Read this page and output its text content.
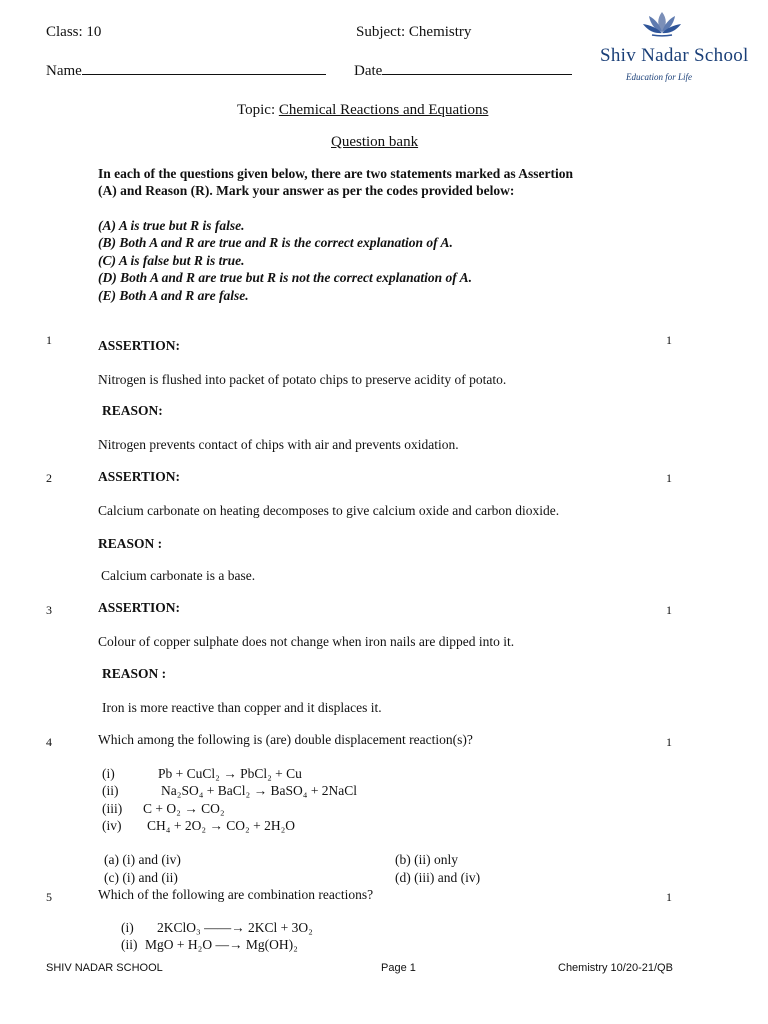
Class: 10	Subject: Chemistry
Name	Date
Shiv Nadar School
Education for Life
Topic: Chemical Reactions and Equations
Question bank
In each of the questions given below, there are two statements marked as Assertion
(A) and Reason (R). Mark your answer as per the codes provided below:
(A) A is true but R is false.
(B) Both A and R are true and R is the correct explanation of A.
(C) A is false but R is true.
(D) Both A and R are true but R is not the correct explanation of A.
(E) Both A and R are false.
1	1
ASSERTION:
Nitrogen is flushed into packet of potato chips to preserve acidity of potato.
REASON:
Nitrogen prevents contact of chips with air and prevents oxidation.
2	1
ASSERTION:
Calcium carbonate on heating decomposes to give calcium oxide and carbon dioxide.
REASON :
Calcium carbonate is a base.
3	1
ASSERTION:
Colour of copper sulphate does not change when iron nails are dipped into it.
REASON :
Iron is more reactive than copper and it displaces it.
4	1
Which among the following is (are) double displacement reaction(s)?
(i)	Pb + CuCl₂ → PbCl₂ + Cu
(ii)	Na₂SO₄ + BaCl₂ → BaSO₄ + 2NaCl
(iii) C + O₂ → CO₂
(iv) CH₄ + 2O₂ → CO₂ + 2H₂O
(a) (i) and (iv)	(b) (ii) only
(c) (i) and (ii)	(d) (iii) and (iv)
5	1
Which of the following are combination reactions?
(i) 2KClO₃ ——→ 2KCl + 3O₂
(ii) MgO + H₂O —→ Mg(OH)₂
SHIV NADAR SCHOOL	Page 1	Chemistry 10/20-21/QB
